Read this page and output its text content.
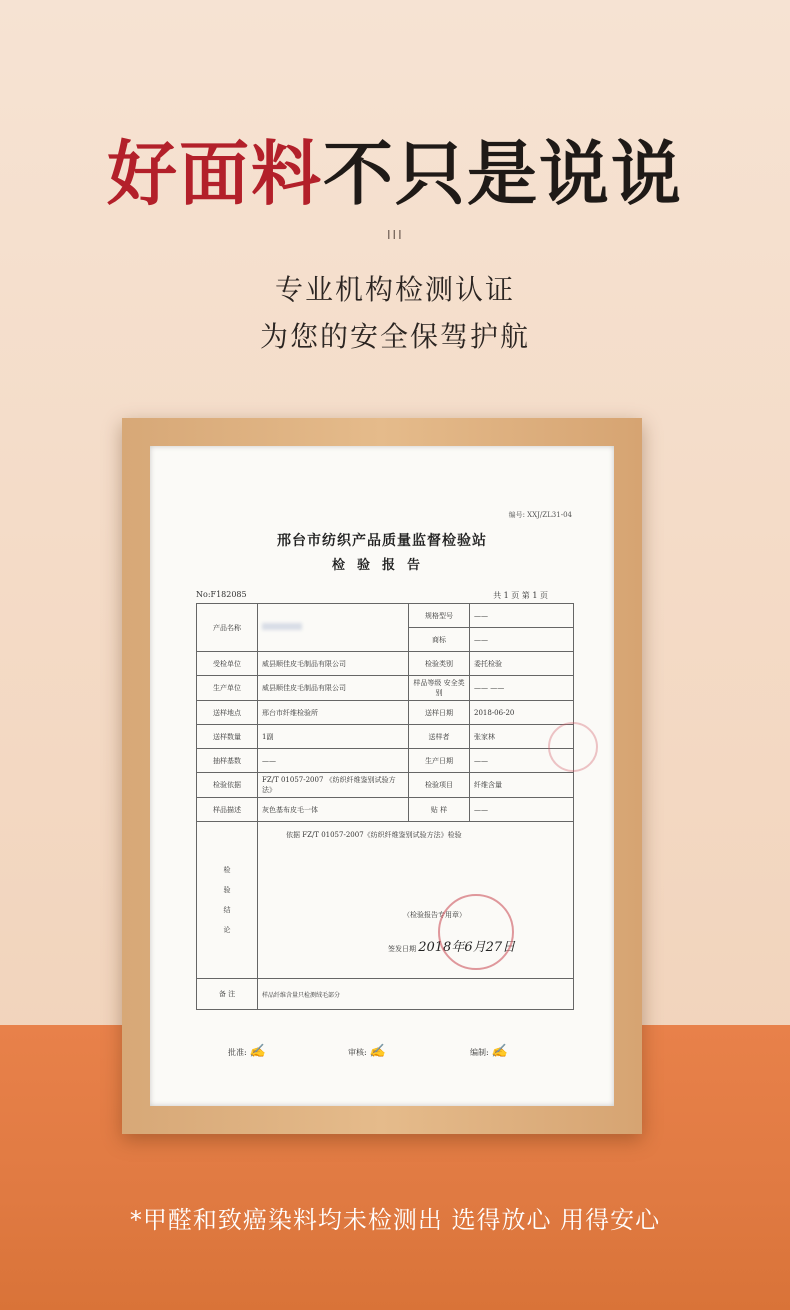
好面料不只是说说
III
专业机构检测认证
为您的安全保驾护航
编号: XXJ/ZL31-04
邢台市纺织产品质量监督检验站
检验报告
No:F182085	共 1 页 第 1 页
产品名称		规格型号	——
		商标	——
受检单位	威县顺佳皮毛制品有限公司	检验类别	委托检验
生产单位	威县顺佳皮毛制品有限公司	样品等级 安全类别	—— ——
送样地点	邢台市纤维检验所	送样日期	2018-06-20
送样数量	1副	送样者	张家林
抽样基数	——	生产日期	——
检验依据	FZ/T 01057-2007 《纺织纤维鉴别试验方法》	检验项目	纤维含量
样品描述	灰色基布皮毛一体	贴 样	——
检 验 结 论	依据 FZ/T 01057-2007《纺织纤维鉴别试验方法》检验
（检验报告专用章）
签发日期 2018年6月27日		

备 注	样品纤维含量只检测绒毛部分		
批准: ✍	审核: ✍	编制: ✍
*甲醛和致癌染料均未检测出 选得放心 用得安心
